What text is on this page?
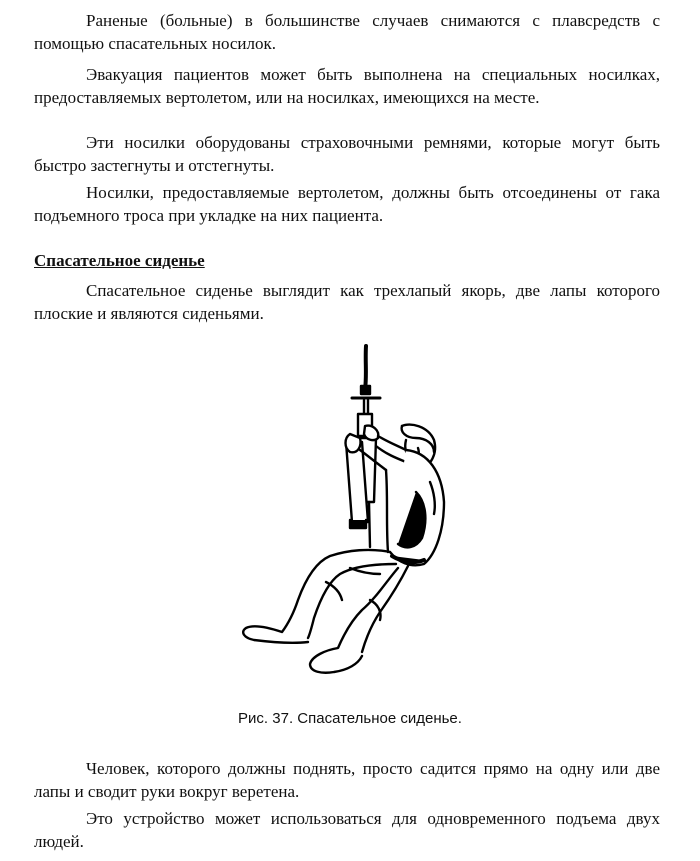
Раненые (больные) в большинстве случаев снимаются с плавсредств с помощью спасательных носилок.

Эвакуация пациентов может быть выполнена на специальных носилках, предоставляемых вертолетом, или на носилках, имеющихся на месте.

Эти носилки оборудованы страховочными ремнями, которые могут быть быстро застегнуты и отстегнуты.

Носилки, предоставляемые вертолетом, должны быть отсоединены от гака подъемного троса при укладке на них пациента.

Спасательное сиденье

Спасательное сиденье выглядит как трехлапый якорь, две лапы которого плоские и являются сиденьями.

Рис. 37. Спасательное сиденье.

Человек, которого должны поднять, просто садится прямо на одну или две лапы и сводит руки вокруг веретена.

Это устройство может использоваться для одновременного подъема двух людей.
